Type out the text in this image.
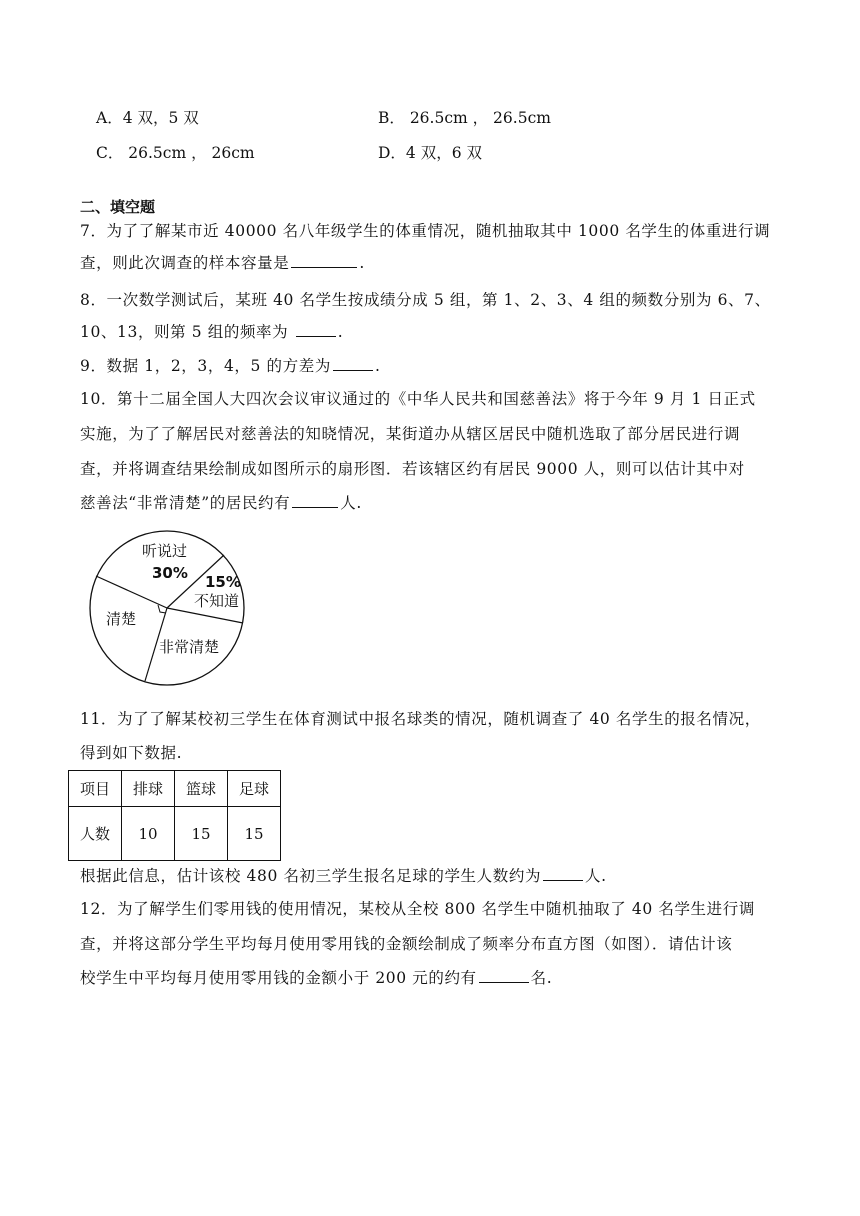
A．4 双，5 双	B． 26.5cm ， 26.5cm
C． 26.5cm ， 26cm	D．4 双，6 双
二、填空题
7．为了了解某市近 40000 名八年级学生的体重情况，随机抽取其中 1000 名学生的体重进行调
查，则此次调查的样本容量是	.
8．一次数学测试后，某班 40 名学生按成绩分成 5 组，第 1、2、3、4 组的频数分别为 6、7、
10、13，则第 5 组的频率为	.
9．数据 1，2，3，4，5 的方差为	.
10．第十二届全国人大四次会议审议通过的《中华人民共和国慈善法》将于今年 9 月 1 日正式
实施，为了了解居民对慈善法的知晓情况，某街道办从辖区居民中随机选取了部分居民进行调
查，并将调查结果绘制成如图所示的扇形图．若该辖区约有居民 9000 人，则可以估计其中对
慈善法“非常清楚”的居民约有	人.
听说过
30% 15%
不知道
清楚
非常清楚
11．为了了解某校初三学生在体育测试中报名球类的情况，随机调查了 40 名学生的报名情况，
得到如下数据.
项目	排球	篮球	足球
人数	10	15	15
根据此信息，估计该校 480 名初三学生报名足球的学生人数约为	人.
12．为了解学生们零用钱的使用情况，某校从全校 800 名学生中随机抽取了 40 名学生进行调
查，并将这部分学生平均每月使用零用钱的金额绘制成了频率分布直方图（如图）．请估计该
校学生中平均每月使用零用钱的金额小于 200 元的约有	名.
